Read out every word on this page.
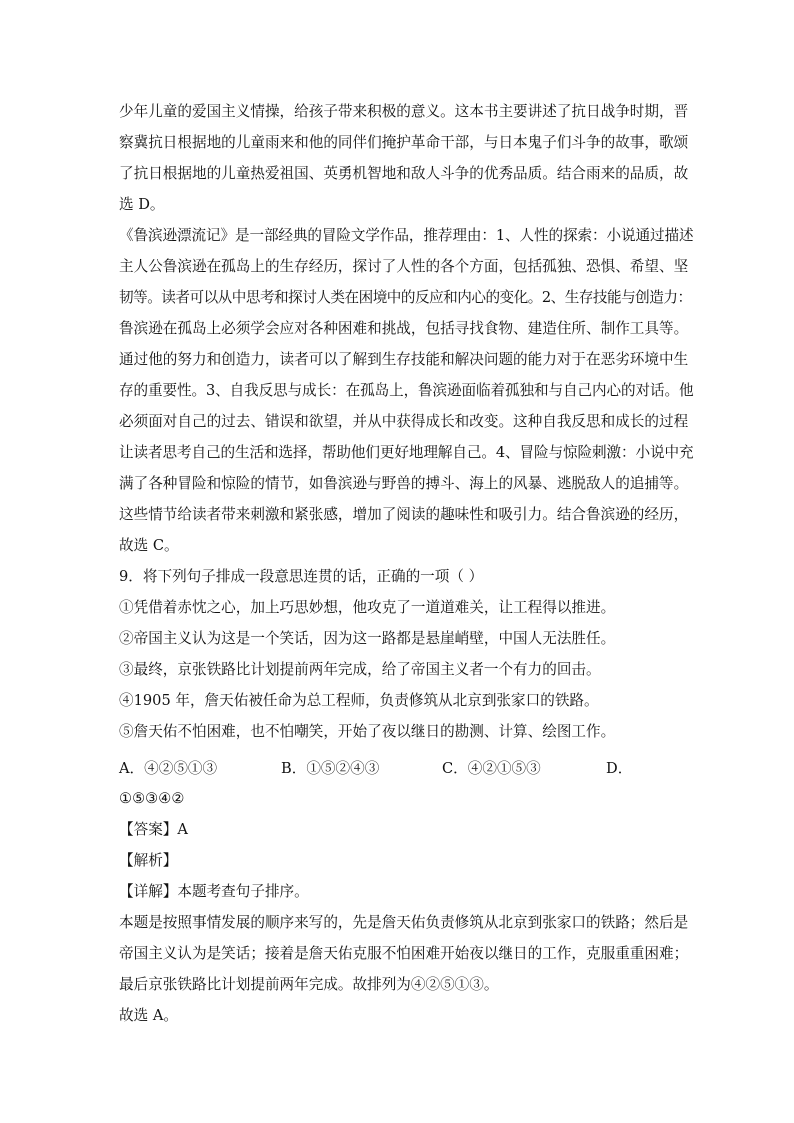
少年儿童的爱国主义情操，给孩子带来积极的意义。这本书主要讲述了抗日战争时期，晋
察冀抗日根据地的儿童雨来和他的同伴们掩护革命干部，与日本鬼子们斗争的故事，歌颂
了抗日根据地的儿童热爱祖国、英勇机智地和敌人斗争的优秀品质。结合雨来的品质，故
选 D。
《鲁滨逊漂流记》是一部经典的冒险文学作品，推荐理由：1、人性的探索：小说通过描述
主人公鲁滨逊在孤岛上的生存经历，探讨了人性的各个方面，包括孤独、恐惧、希望、坚
韧等。读者可以从中思考和探讨人类在困境中的反应和内心的变化。2、生存技能与创造力：
鲁滨逊在孤岛上必须学会应对各种困难和挑战，包括寻找食物、建造住所、制作工具等。
通过他的努力和创造力，读者可以了解到生存技能和解决问题的能力对于在恶劣环境中生
存的重要性。3、自我反思与成长：在孤岛上，鲁滨逊面临着孤独和与自己内心的对话。他
必须面对自己的过去、错误和欲望，并从中获得成长和改变。这种自我反思和成长的过程
让读者思考自己的生活和选择，帮助他们更好地理解自己。4、冒险与惊险刺激：小说中充
满了各种冒险和惊险的情节，如鲁滨逊与野兽的搏斗、海上的风暴、逃脱敌人的追捕等。
这些情节给读者带来刺激和紧张感，增加了阅读的趣味性和吸引力。结合鲁滨逊的经历，
故选 C。
9．将下列句子排成一段意思连贯的话，正确的一项（ ）
①凭借着赤忱之心，加上巧思妙想，他攻克了一道道难关，让工程得以推进。
②帝国主义认为这是一个笑话，因为这一路都是悬崖峭壁，中国人无法胜任。
③最终，京张铁路比计划提前两年完成，给了帝国主义者一个有力的回击。
④1905 年，詹天佑被任命为总工程师，负责修筑从北京到张家口的铁路。
⑤詹天佑不怕困难，也不怕嘲笑，开始了夜以继日的勘测、计算、绘图工作。
A．④②⑤①③	B．①⑤②④③	C．④②①⑤③	D．
①⑤③④②
【答案】A
【解析】
【详解】本题考查句子排序。
本题是按照事情发展的顺序来写的，先是詹天佑负责修筑从北京到张家口的铁路；然后是
帝国主义认为是笑话；接着是詹天佑克服不怕困难开始夜以继日的工作，克服重重困难；
最后京张铁路比计划提前两年完成。故排列为④②⑤①③。
故选 A。
